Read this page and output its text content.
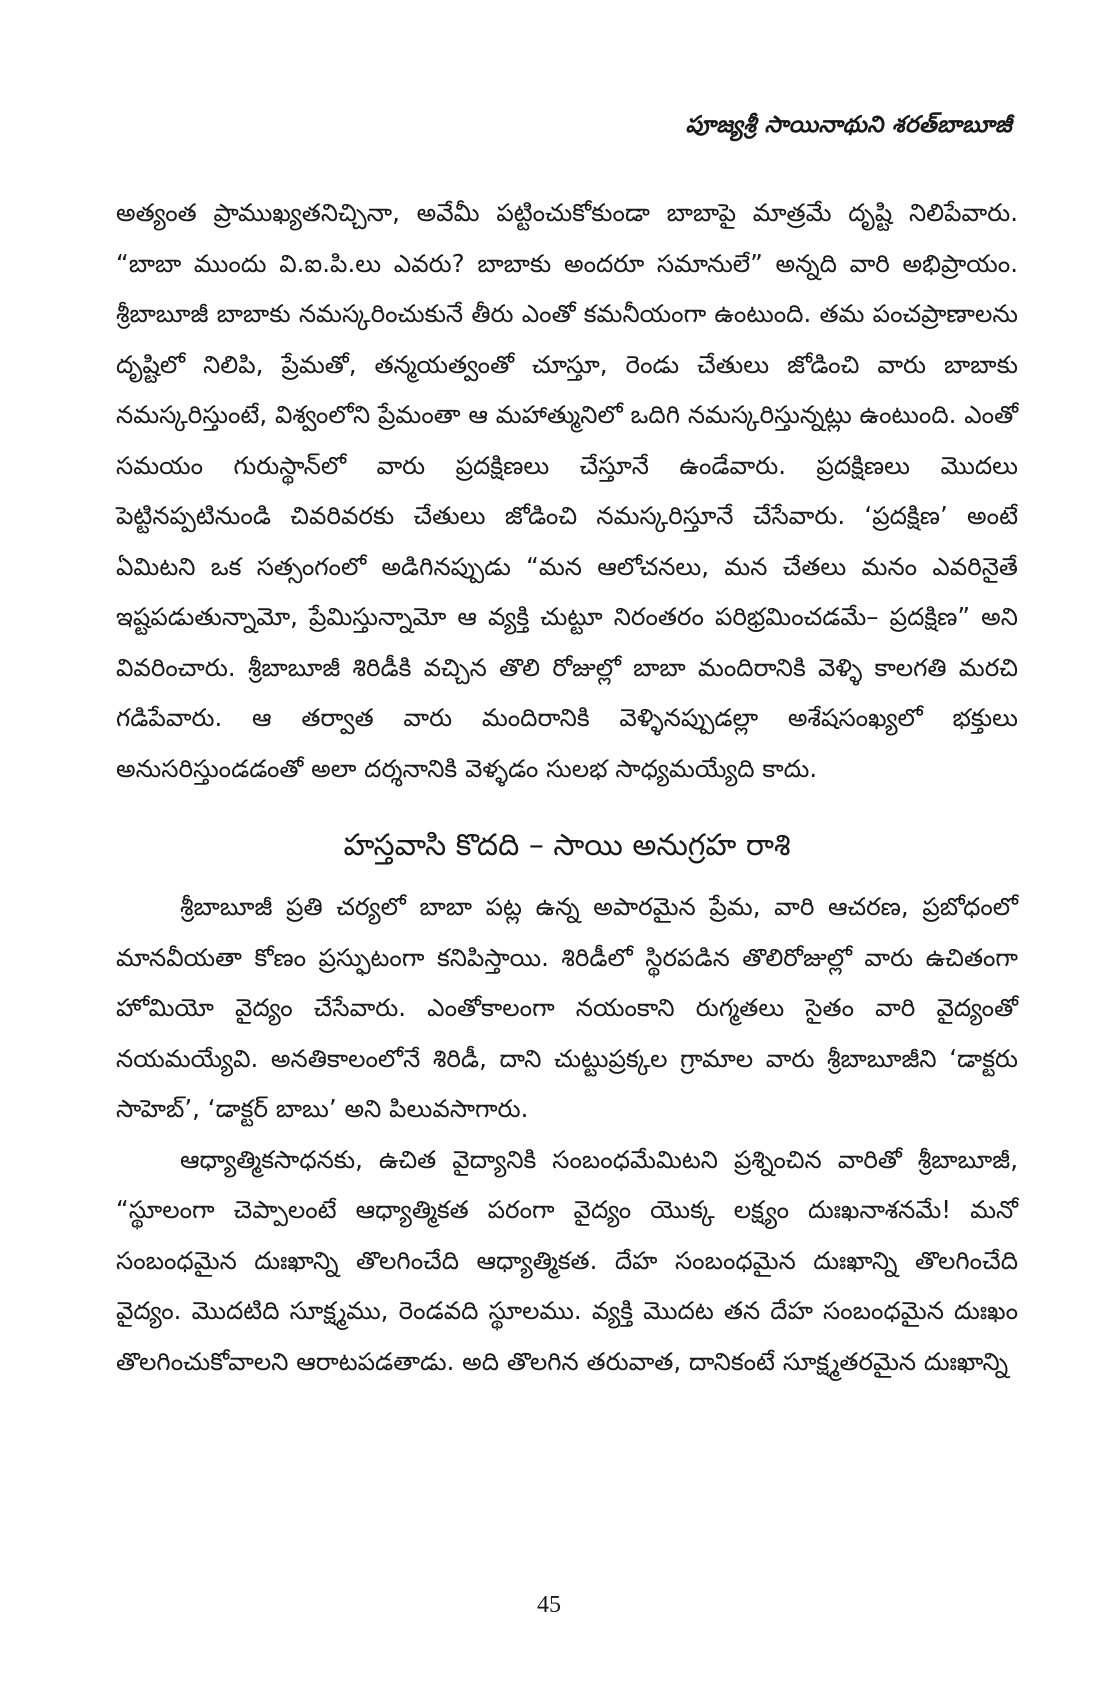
పూజ్యశ్రీ సాయినాథుని శరత్‌బాబూజీ

అత్యంత ప్రాముఖ్యతనిచ్చినా, అవేమీ పట్టించుకోకుండా బాబాపై మాత్రమే దృష్టి నిలిపేవారు. “బాబా ముందు వి.ఐ.పి.లు ఎవరు? బాబాకు అందరూ సమానులే” అన్నది వారి అభిప్రాయం. శ్రీబాబూజీ బాబాకు నమస్కరించుకునే తీరు ఎంతో కమనీయంగా ఉంటుంది. తమ పంచప్రాణాలను దృష్టిలో నిలిపి, ప్రేమతో, తన్మయత్వంతో చూస్తూ, రెండు చేతులు జోడించి వారు బాబాకు నమస్కరిస్తుంటే, విశ్వంలోని ప్రేమంతా ఆ మహాత్మునిలో ఒదిగి నమస్కరిస్తున్నట్లు ఉంటుంది. ఎంతో సమయం గురుస్థాన్‌లో వారు ప్రదక్షిణలు చేస్తూనే ఉండేవారు. ప్రదక్షిణలు మొదలు పెట్టినప్పటినుండి చివరివరకు చేతులు జోడించి నమస్కరిస్తూనే చేసేవారు. ‘ప్రదక్షిణ’ అంటే ఏమిటని ఒక సత్సంగంలో అడిగినప్పుడు “మన ఆలోచనలు, మన చేతలు మనం ఎవరినైతే ఇష్టపడుతున్నామో, ప్రేమిస్తున్నామో ఆ వ్యక్తి చుట్టూ నిరంతరం పరిభ్రమించడమే– ప్రదక్షిణ” అని వివరించారు. శ్రీబాబూజీ శిరిడీకి వచ్చిన తొలి రోజుల్లో బాబా మందిరానికి వెళ్ళి కాలగతి మరచి గడిపేవారు. ఆ తర్వాత వారు మందిరానికి వెళ్ళినప్పుడల్లా అశేషసంఖ్యలో భక్తులు అనుసరిస్తుండడంతో అలా దర్శనానికి వెళ్ళడం సులభ సాధ్యమయ్యేది కాదు.

హస్తవాసి కొదది – సాయి అనుగ్రహ రాశి

శ్రీబాబూజీ ప్రతి చర్యలో బాబా పట్ల ఉన్న అపారమైన ప్రేమ, వారి ఆచరణ, ప్రబోధంలో మానవీయతా కోణం ప్రస్ఫుటంగా కనిపిస్తాయి. శిరిడీలో స్థిరపడిన తొలిరోజుల్లో వారు ఉచితంగా హోమియో వైద్యం చేసేవారు. ఎంతోకాలంగా నయంకాని రుగ్మతలు సైతం వారి వైద్యంతో నయమయ్యేవి. అనతికాలంలోనే శిరిడీ, దాని చుట్టుప్రక్కల గ్రామాల వారు శ్రీబాబూజీని ‘డాక్టరు సాహెబ్’, ‘డాక్టర్ బాబు’ అని పిలువసాగారు.

ఆధ్యాత్మికసాధనకు, ఉచిత వైద్యానికి సంబంధమేమిటని ప్రశ్నించిన వారితో శ్రీబాబూజీ, “స్థూలంగా చెప్పాలంటే ఆధ్యాత్మికత పరంగా వైద్యం యొక్క లక్ష్యం దుఃఖనాశనమే! మనో సంబంధమైన దుఃఖాన్ని తొలగించేది ఆధ్యాత్మికత. దేహ సంబంధమైన దుఃఖాన్ని తొలగించేది వైద్యం. మొదటిది సూక్ష్మము, రెండవది స్థూలము. వ్యక్తి మొదట తన దేహ సంబంధమైన దుఃఖం తొలగించుకోవాలని ఆరాటపడతాడు. అది తొలగిన తరువాత, దానికంటే సూక్ష్మతరమైన దుఃఖాన్ని

45
